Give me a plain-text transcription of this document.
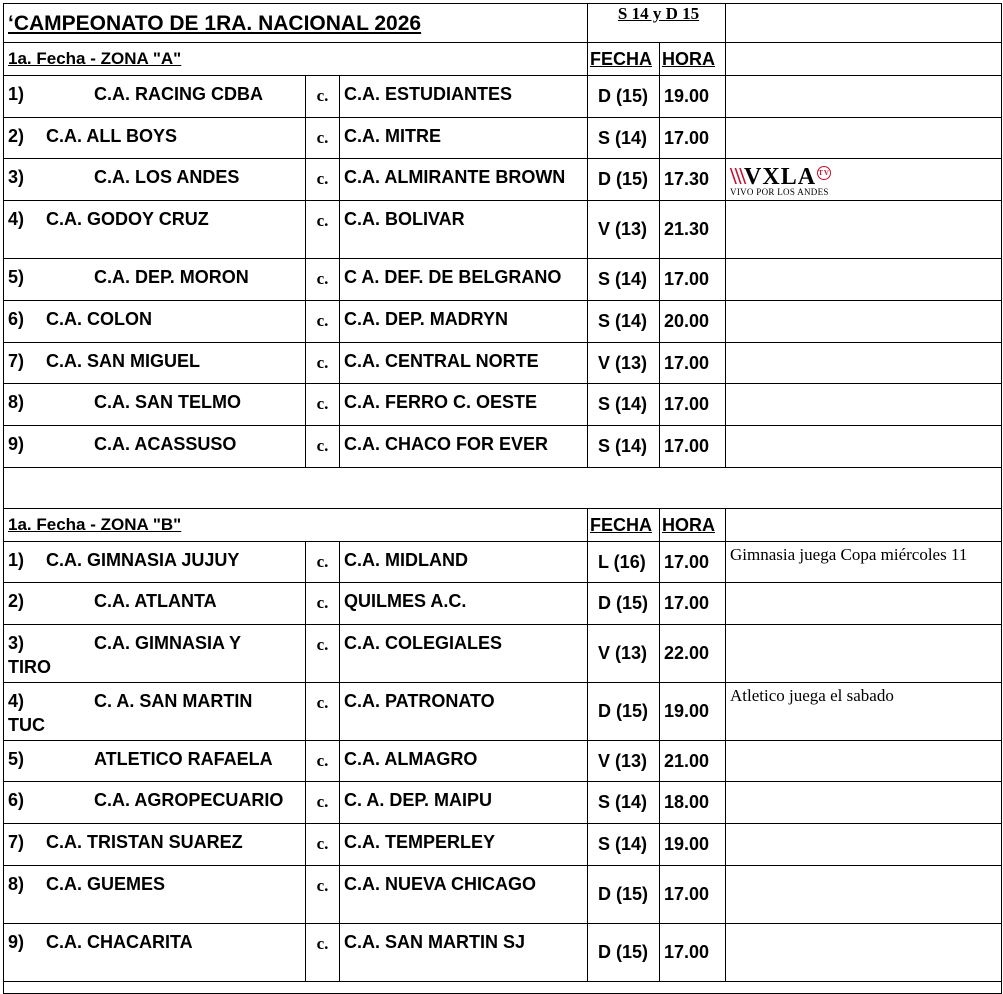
‘CAMPEONATO DE 1RA. NACIONAL 2026			S 14 y D 15		
1a. Fecha - ZONA "A"			FECHA	HORA	
1) C.A. RACING CDBA	c.	C.A. ESTUDIANTES	D (15)	19.00	
2) C.A. ALL BOYS	c.	C.A. MITRE	S (14)	17.00	
3) C.A. LOS ANDES	c.	C.A. ALMIRANTE BROWN	D (15)	17.30	\\\VXLA TV
VIVO POR LOS ANDES

4) C.A. GODOY CRUZ	c.	C.A. BOLIVAR	V (13)	21.30	
5) C.A. DEP. MORON	c.	C A. DEF. DE BELGRANO	S (14)	17.00	
6) C.A. COLON	c.	C.A. DEP. MADRYN	S (14)	20.00	
7) C.A. SAN MIGUEL	c.	C.A. CENTRAL NORTE	V (13)	17.00	
8) C.A. SAN TELMO	c.	C.A. FERRO C. OESTE	S (14)	17.00	
9) C.A. ACASSUSO	c.	C.A. CHACO FOR EVER	S (14)	17.00	

1a. Fecha - ZONA "B"			FECHA	HORA	
1) C.A. GIMNASIA JUJUY	c.	C.A. MIDLAND	L (16)	17.00	Gimnasia juega Copa miércoles 11
2) C.A. ATLANTA	c.	QUILMES A.C.	D (15)	17.00	
3) C.A. GIMNASIA Y
TIRO	c.	C.A. COLEGIALES	V (13)	22.00	
4) C. A. SAN MARTIN
TUC	c.	C.A. PATRONATO	D (15)	19.00	Atletico juega el sabado
5) ATLETICO RAFAELA	c.	C.A. ALMAGRO	V (13)	21.00	
6) C.A. AGROPECUARIO	c.	C. A. DEP. MAIPU	S (14)	18.00	
7) C.A. TRISTAN SUAREZ	c.	C.A. TEMPERLEY	S (14)	19.00	
8) C.A. GUEMES	c.	C.A. NUEVA CHICAGO	D (15)	17.00	
9) C.A. CHACARITA	c.	C.A. SAN MARTIN SJ	D (15)	17.00	
